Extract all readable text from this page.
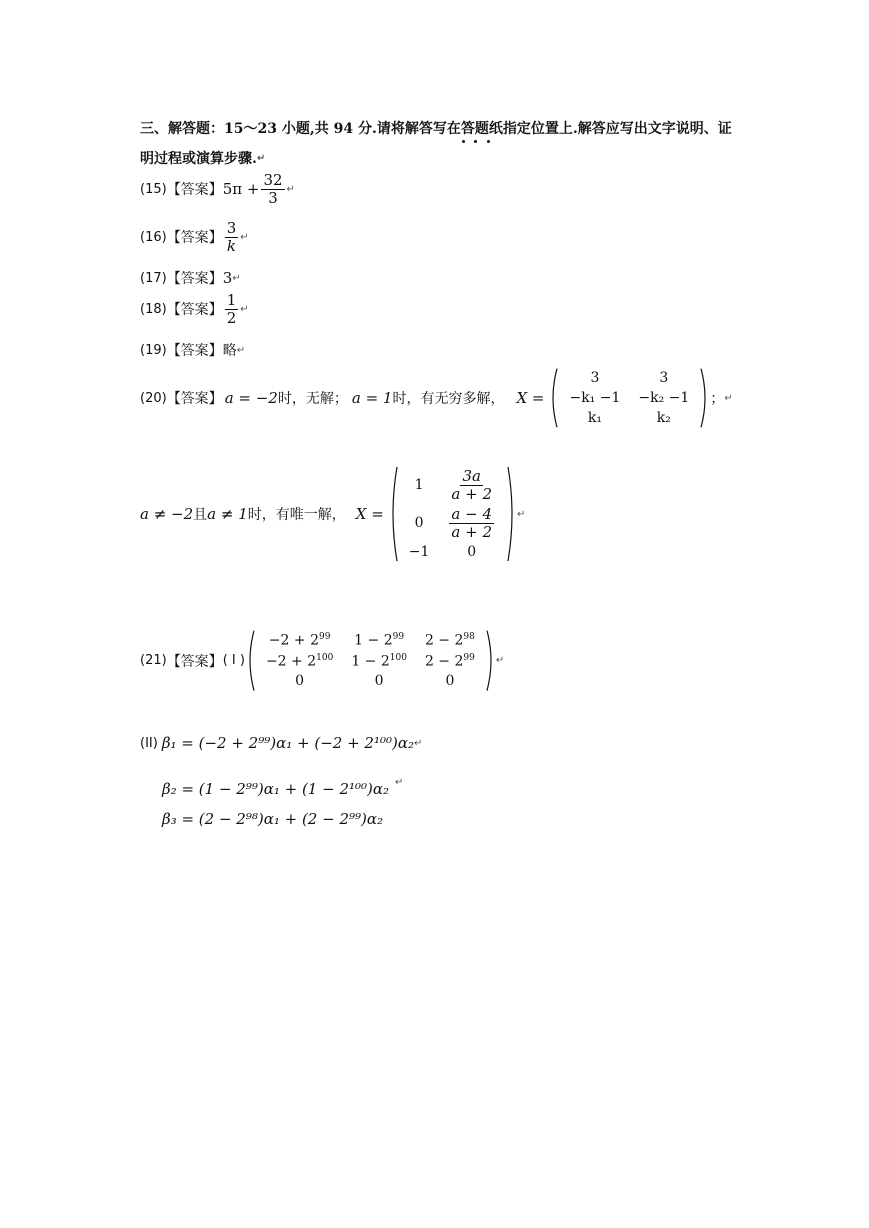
三、解答题：15～23 小题,共 94 分.请将解答写在答题纸指定位置上.解答应写出文字说明、证
明过程或演算步骤. ↵
(15) 【答案】 $5\pi + \frac{32}{3}$ ↵
(16) 【答案】 $\frac{3}{k}$ ↵
(17) 【答案】 3 ↵
(18) 【答案】 $\frac{1}{2}$ ↵
(19) 【答案】 略 ↵
(20) 【答案】 a = −2 时，无解； a = 1 时，有无穷多解， X =
3	3
−k₁ −1	−k₂ −1
k₁	k₂
； ↵
a ≠ −2 且 a ≠ 1 时，有唯一解， X =
1	$\frac{3a}{a + 2}$

0	$\frac{a - 4}{a + 2}$

−1	0
↵
(21) 【答案】 ( I )
$-2 + 2^{99}$	$1 - 2^{99}$	$2 - 2^{98}$
$-2 + 2^{100}$	$1 - 2^{100}$	$2 - 2^{99}$
0	0	0
↵
(II) β₁ = (−2 + 2⁹⁹)α₁ + (−2 + 2¹⁰⁰)α₂ ↵
β₂ = (1 − 2⁹⁹)α₁ + (1 − 2¹⁰⁰)α₂ ↵
β₃ = (2 − 2⁹⁸)α₁ + (2 − 2⁹⁹)α₂
